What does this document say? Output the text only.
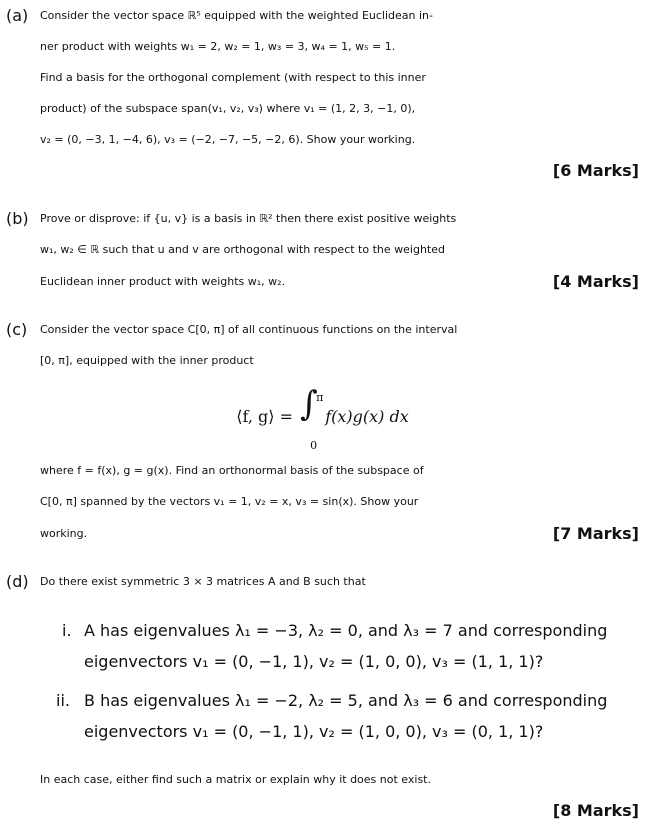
(a) Consider the vector space ℝ⁵ equipped with the weighted Euclidean in-
ner product with weights w₁ = 2, w₂ = 1, w₃ = 3, w₄ = 1, w₅ = 1.
Find a basis for the orthogonal complement (with respect to this inner
product) of the subspace span(v₁, v₂, v₃) where v₁ = (1, 2, 3, −1, 0),
v₂ = (0, −3, 1, −4, 6), v₃ = (−2, −7, −5, −2, 6). Show your working.
[6 Marks]
(b) Prove or disprove: if {u, v} is a basis in ℝ² then there exist positive weights
w₁, w₂ ∈ ℝ such that u and v are orthogonal with respect to the weighted
Euclidean inner product with weights w₁, w₂.	[4 Marks]
(c) Consider the vector space C[0, π] of all continuous functions on the interval
[0, π], equipped with the inner product
⟨f, g⟩ = ∫
π
0
f(x)g(x) dx
where f = f(x), g = g(x). Find an orthonormal basis of the subspace of
C[0, π] spanned by the vectors v₁ = 1, v₂ = x, v₃ = sin(x). Show your
working.	[7 Marks]
(d) Do there exist symmetric 3 × 3 matrices A and B such that
i. A has eigenvalues λ₁ = −3, λ₂ = 0, and λ₃ = 7 and corresponding
eigenvectors v₁ = (0, −1, 1), v₂ = (1, 0, 0), v₃ = (1, 1, 1)?
ii. B has eigenvalues λ₁ = −2, λ₂ = 5, and λ₃ = 6 and corresponding
eigenvectors v₁ = (0, −1, 1), v₂ = (1, 0, 0), v₃ = (0, 1, 1)?
In each case, either find such a matrix or explain why it does not exist.
[8 Marks]
